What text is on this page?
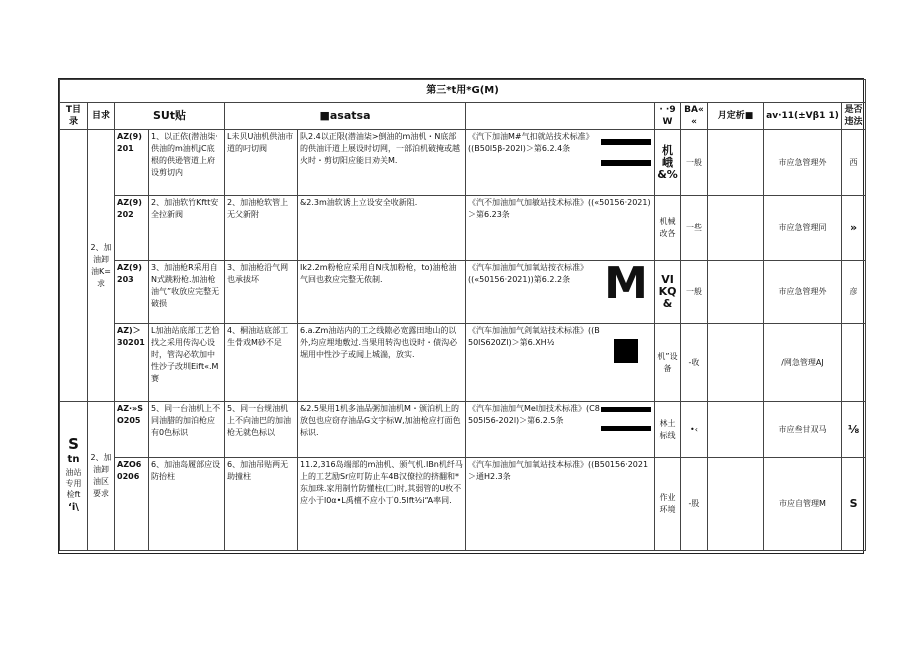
第三*t用*G(M)											
T目录	目求	SUt贴		■asatsa			· ·9W	BA« «	月定析■	av·11(±Vβ1 1)	是否违法
	2、加油卸油K=求	AZ(9)201	1、以正依(潜油柒·供油的m油机jC底根的供逊管道上府设剪切内	L未贝U油机供油市道的叼切阀	队2.4以正限(潜油柒>倒油的m油机・N底部的供油讦道上展设时切网，一部泊机破掩或越火时・剪切阳应能日劝关M.	《汽下加油M#气扣就站技术标准》((B50l5β-202l)＞第6.2.4条	机峨&%	一般		市应急管理外	西
		AZ(9)202	2、加油软竹Kftt安全拉新阀	2、加油枪软管上无父新附	&2.3m油软诱上立设安全收新阻.	《汽不加油加气加敏站技术标准》((«50156·2021)＞第6.23条	机械改各	一些		市应急管理同	»
		AZ(9)203	3、加油枪R采用自N式跳粉枪.加油枪油气”收放应完整无破损	3、加油枪沿气网也承拔坏	Ik2.2m粉枪应采用自N戌加粉枪，to)油枪油气回也救应完整无侬制.	《汽车加油加气加氧站按衣标准》((«50156·2021))第6.2.2条 M	VIKQ&	一般		市应急管理外	彦
		AZ)＞30201	L加油站底部工艺恰找之采用传沟心设时，管沟必软加中性沙子改圳Eift«.M赛	4、桐油站底部工生骨戏M砂不足	6.a.Zm油站内的工之线隙必宽露田地山的以外,均应埋地敷过.当果用转沟也设时・债沟必堀用中性沙子或闻上城湍，放实.	《汽车加油加气剑氧站技术标准》((B50lS620Zl)＞第6.XH½	机”设备	-收		/网急管理AJ	

S
tn
油站专用检ft
‘i\	2、加油卸油区要求	AZ·»SO205	5、同一台油机上不同油腊的加泊枪应有0色标识	5、同一台规油机上不向油巴的加油枪无就色标以	&2.5果用1机多油品粥加油机M・颁泊机上的放包也应窃存油品G文字标W,加油枪应打面色标识.	《汽车加油加气Mel加技术标准》(C8505l56-202l)＞第6.2.5条	林土标线	•‹		市应叁甘双马	⅛
		AZO60206	6、加油岛履部应设防抬柱	6、加油吊贴两无助撞柱	11.2,316岛端部的m油机、颁气机.IBn机纤马上的工艺励Sr应叮防止车4B汉僚拉的挤翻和*东加珠.家用制竹防懂柱(匚)时,其弱管的U枚不应小于l0α•L禹檀不应小丁0.5lft½i“A率同.	《汽车加油加气加氧站技本标准》((B50156·2021＞通H2.3条	作业环境	-股		市应自管理M	S
